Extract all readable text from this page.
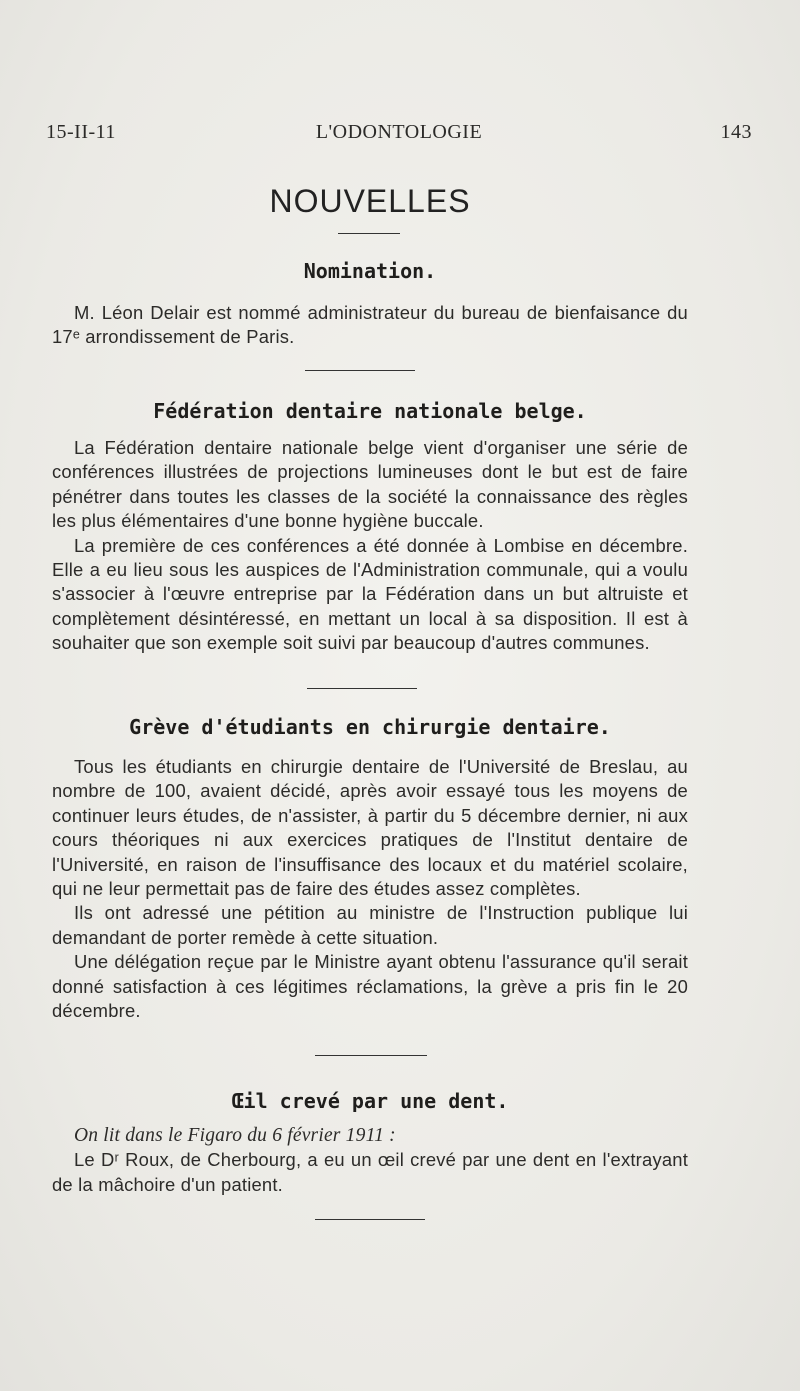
15-II-11	L'ODONTOLOGIE	143
NOUVELLES
Nomination.

M. Léon Delair est nommé administrateur du bureau de bienfaisance du 17ᵉ arrondissement de Paris.

Fédération dentaire nationale belge.

La Fédération dentaire nationale belge vient d'organiser une série de conférences illustrées de projections lumineuses dont le but est de faire pénétrer dans toutes les classes de la société la connaissance des règles les plus élémentaires d'une bonne hygiène buccale.

La première de ces conférences a été donnée à Lombise en décembre. Elle a eu lieu sous les auspices de l'Administration communale, qui a voulu s'associer à l'œuvre entreprise par la Fédération dans un but altruiste et complètement désintéressé, en mettant un local à sa disposition. Il est à souhaiter que son exemple soit suivi par beaucoup d'autres communes.

Grève d'étudiants en chirurgie dentaire.

Tous les étudiants en chirurgie dentaire de l'Université de Breslau, au nombre de 100, avaient décidé, après avoir essayé tous les moyens de continuer leurs études, de n'assister, à partir du 5 décembre dernier, ni aux cours théoriques ni aux exercices pratiques de l'Institut dentaire de l'Université, en raison de l'insuffisance des locaux et du matériel scolaire, qui ne leur permettait pas de faire des études assez complètes.

Ils ont adressé une pétition au ministre de l'Instruction publique lui demandant de porter remède à cette situation.

Une délégation reçue par le Ministre ayant obtenu l'assurance qu'il serait donné satisfaction à ces légitimes réclamations, la grève a pris fin le 20 décembre.

Œil crevé par une dent.

On lit dans le Figaro du 6 février 1911 :

Le Dʳ Roux, de Cherbourg, a eu un œil crevé par une dent en l'extrayant de la mâchoire d'un patient.
